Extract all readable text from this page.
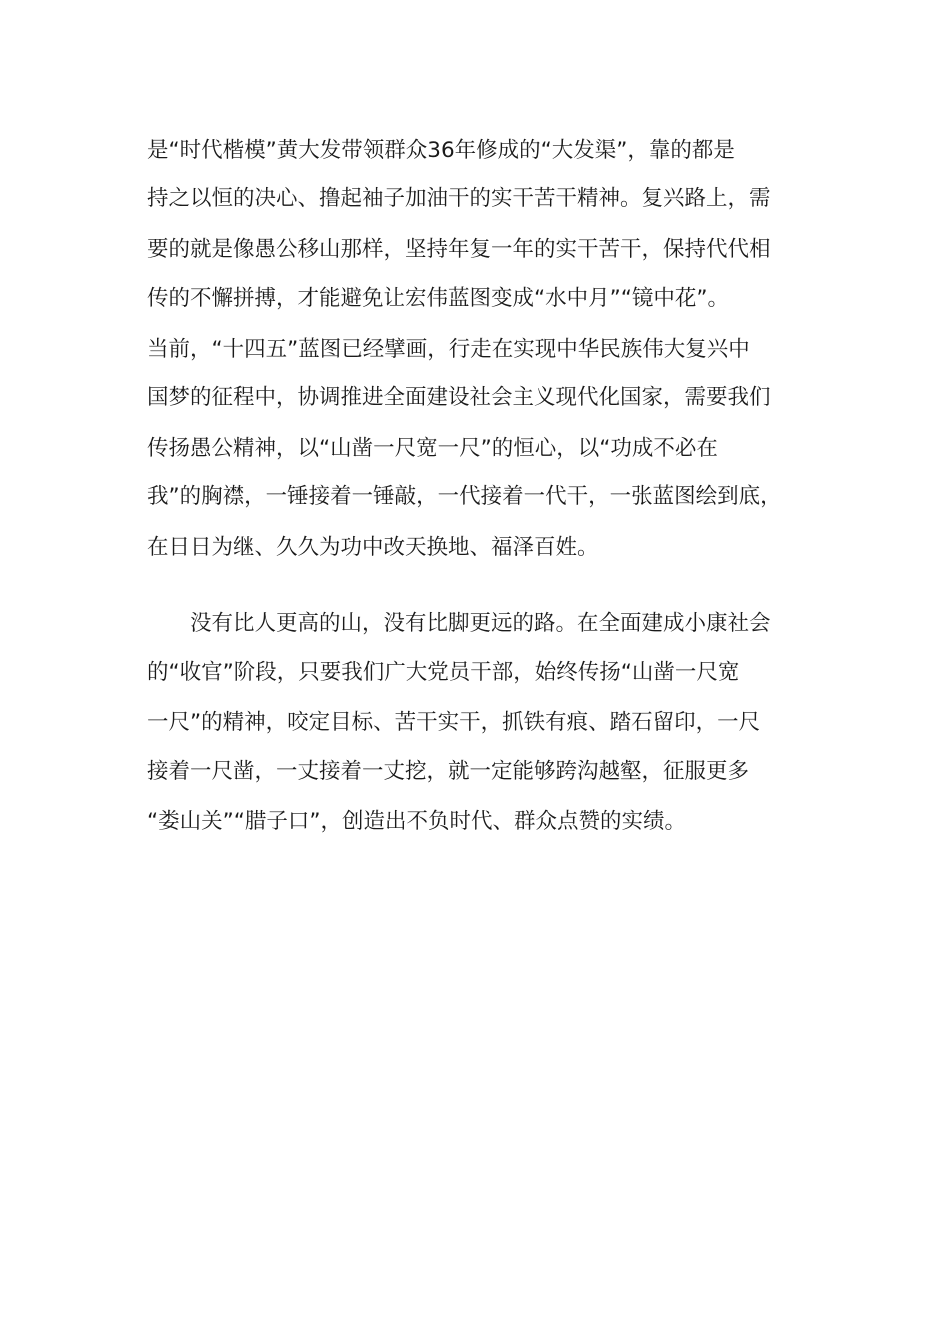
是“时代楷模”黄大发带领群众36年修成的“大发渠”，靠的都是

持之以恒的决心、撸起袖子加油干的实干苦干精神。复兴路上，需

要的就是像愚公移山那样，坚持年复一年的实干苦干，保持代代相

传的不懈拼搏，才能避免让宏伟蓝图变成“水中月”“镜中花”。

当前，“十四五”蓝图已经擘画，行走在实现中华民族伟大复兴中

国梦的征程中，协调推进全面建设社会主义现代化国家，需要我们

传扬愚公精神，以“山凿一尺宽一尺”的恒心，以“功成不必在

我”的胸襟，一锤接着一锤敲，一代接着一代干，一张蓝图绘到底，

在日日为继、久久为功中改天换地、福泽百姓。

没有比人更高的山，没有比脚更远的路。在全面建成小康社会

的“收官”阶段，只要我们广大党员干部，始终传扬“山凿一尺宽

一尺”的精神，咬定目标、苦干实干，抓铁有痕、踏石留印，一尺

接着一尺凿，一丈接着一丈挖，就一定能够跨沟越壑，征服更多

“娄山关”“腊子口”，创造出不负时代、群众点赞的实绩。
